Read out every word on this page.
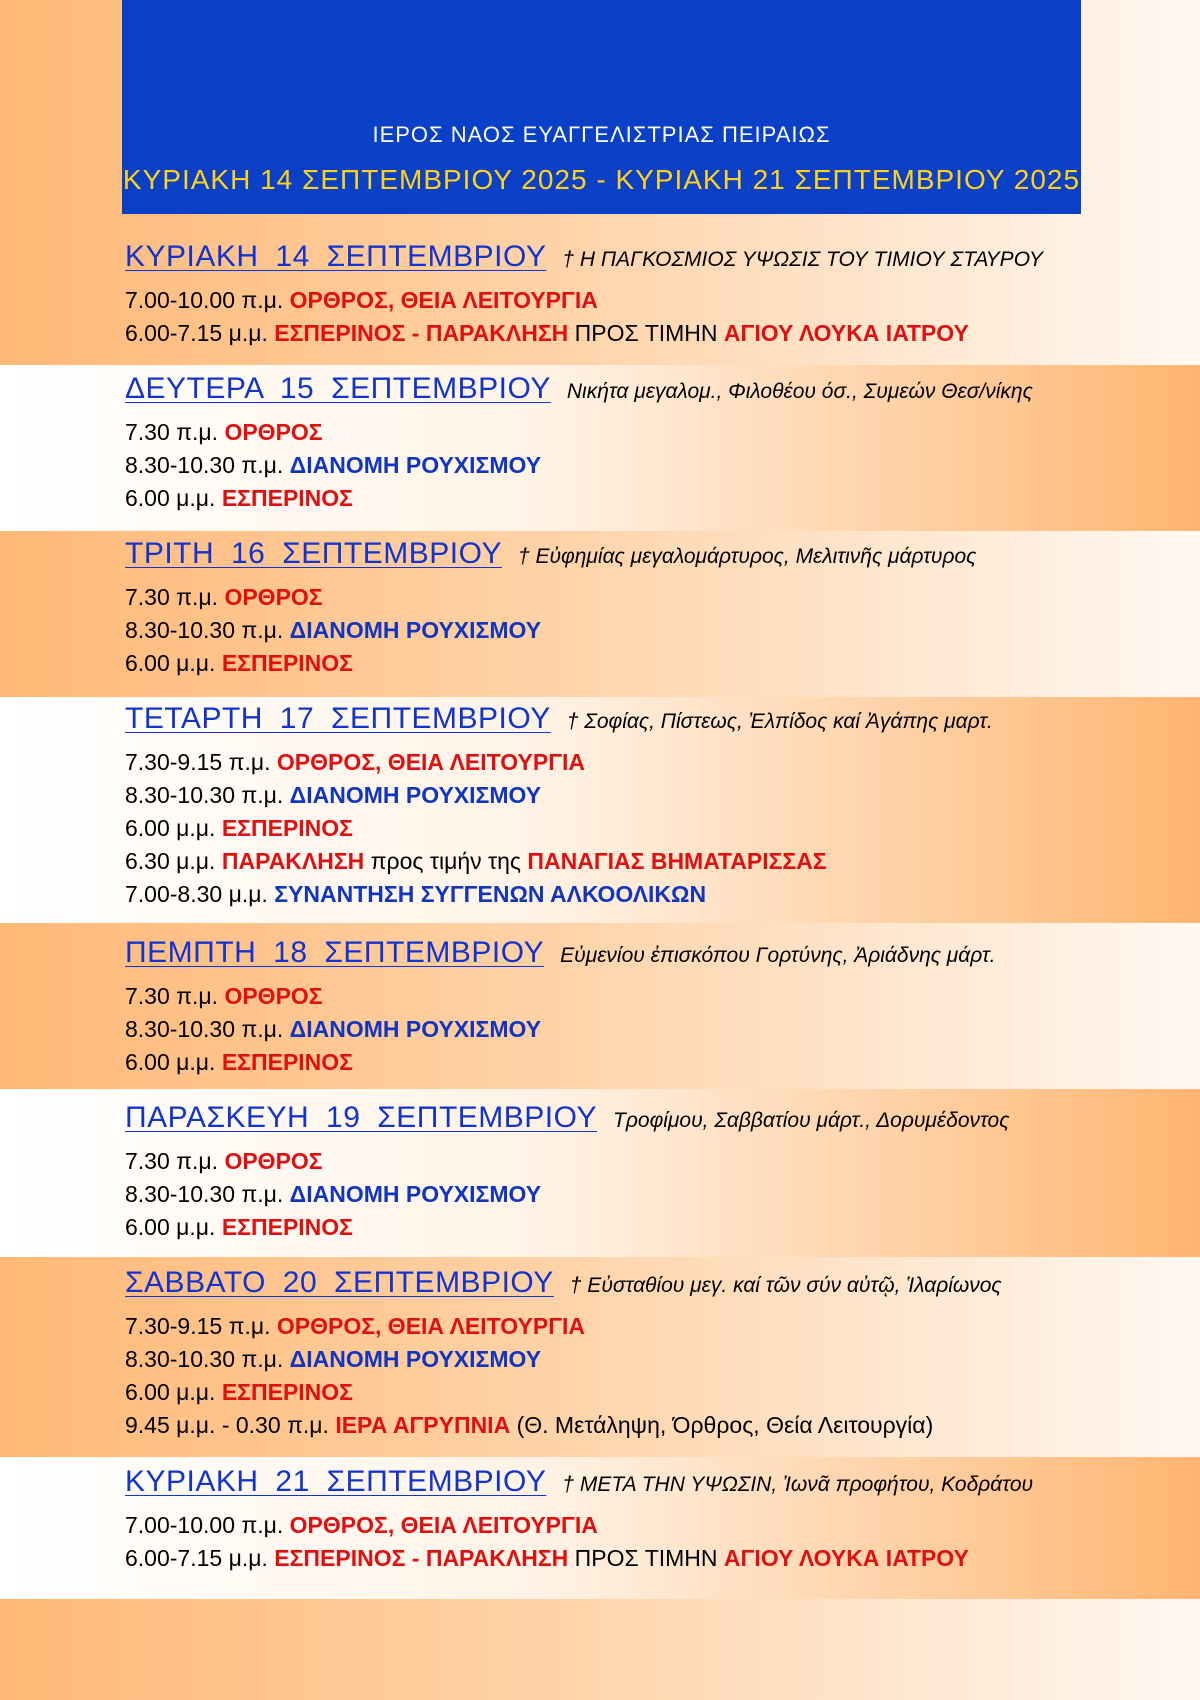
ΙΕΡΟΣ ΝΑΟΣ ΕΥΑΓΓΕΛΙΣΤΡΙΑΣ ΠΕΙΡΑΙΩΣ
ΚΥΡΙΑΚΗ 14 ΣΕΠΤΕΜΒΡΙΟΥ 2025 - ΚΥΡΙΑΚΗ 21 ΣΕΠΤΕΜΒΡΙΟΥ 2025
ΚΥΡΙΑΚΗ 14 ΣΕΠΤΕΜΒΡΙΟΥ † Η ΠΑΓΚΟΣΜΙΟΣ ΥΨΩΣΙΣ ΤΟΥ ΤΙΜΙΟΥ ΣΤΑΥΡΟΥ
7.00-10.00 π.μ. ΟΡΘΡΟΣ, ΘΕΙΑ ΛΕΙΤΟΥΡΓΙΑ
6.00-7.15 μ.μ. ΕΣΠΕΡΙΝΟΣ - ΠΑΡΑΚΛΗΣΗ ΠΡΟΣ ΤΙΜΗΝ ΑΓΙΟΥ ΛΟΥΚΑ ΙΑΤΡΟΥ
ΔΕΥΤΕΡΑ 15 ΣΕΠΤΕΜΒΡΙΟΥ Νικήτα μεγαλομ., Φιλοθέου όσ., Συμεών Θεσ/νίκης
7.30 π.μ. ΟΡΘΡΟΣ
8.30-10.30 π.μ. ΔΙΑΝΟΜΗ ΡΟΥΧΙΣΜΟΥ
6.00 μ.μ. ΕΣΠΕΡΙΝΟΣ
ΤΡΙΤΗ 16 ΣΕΠΤΕΜΒΡΙΟΥ † Εὐφημίας μεγαλομάρτυρος, Μελιτινῆς μάρτυρος
7.30 π.μ. ΟΡΘΡΟΣ
8.30-10.30 π.μ. ΔΙΑΝΟΜΗ ΡΟΥΧΙΣΜΟΥ
6.00 μ.μ. ΕΣΠΕΡΙΝΟΣ
ΤΕΤΑΡΤΗ 17 ΣΕΠΤΕΜΒΡΙΟΥ † Σοφίας, Πίστεως, Ἐλπίδος καί Ἀγάπης μαρτ.
7.30-9.15 π.μ. ΟΡΘΡΟΣ, ΘΕΙΑ ΛΕΙΤΟΥΡΓΙΑ
8.30-10.30 π.μ. ΔΙΑΝΟΜΗ ΡΟΥΧΙΣΜΟΥ
6.00 μ.μ. ΕΣΠΕΡΙΝΟΣ
6.30 μ.μ. ΠΑΡΑΚΛΗΣΗ προς τιμήν της ΠΑΝΑΓΙΑΣ ΒΗΜΑΤΑΡΙΣΣΑΣ
7.00-8.30 μ.μ. ΣΥΝΑΝΤΗΣΗ ΣΥΓΓΕΝΩΝ ΑΛΚΟΟΛΙΚΩΝ
ΠΕΜΠΤΗ 18 ΣΕΠΤΕΜΒΡΙΟΥ Εὐμενίου ἐπισκόπου Γορτύνης, Ἀριάδνης μάρτ.
7.30 π.μ. ΟΡΘΡΟΣ
8.30-10.30 π.μ. ΔΙΑΝΟΜΗ ΡΟΥΧΙΣΜΟΥ
6.00 μ.μ. ΕΣΠΕΡΙΝΟΣ
ΠΑΡΑΣΚΕΥΗ 19 ΣΕΠΤΕΜΒΡΙΟΥ Τροφίμου, Σαββατίου μάρτ., Δορυμέδοντος
7.30 π.μ. ΟΡΘΡΟΣ
8.30-10.30 π.μ. ΔΙΑΝΟΜΗ ΡΟΥΧΙΣΜΟΥ
6.00 μ.μ. ΕΣΠΕΡΙΝΟΣ
ΣΑΒΒΑΤΟ 20 ΣΕΠΤΕΜΒΡΙΟΥ † Εὐσταθίου μεγ. καί τῶν σύν αὐτῷ, Ἱλαρίωνος
7.30-9.15 π.μ. ΟΡΘΡΟΣ, ΘΕΙΑ ΛΕΙΤΟΥΡΓΙΑ
8.30-10.30 π.μ. ΔΙΑΝΟΜΗ ΡΟΥΧΙΣΜΟΥ
6.00 μ.μ. ΕΣΠΕΡΙΝΟΣ
9.45 μ.μ. - 0.30 π.μ. ΙΕΡΑ ΑΓΡΥΠΝΙΑ (Θ. Μετάληψη, Όρθρος, Θεία Λειτουργία)
ΚΥΡΙΑΚΗ 21 ΣΕΠΤΕΜΒΡΙΟΥ † ΜΕΤΑ ΤΗΝ ΥΨΩΣΙΝ, Ἰωνᾶ προφήτου, Κοδράτου
7.00-10.00 π.μ. ΟΡΘΡΟΣ, ΘΕΙΑ ΛΕΙΤΟΥΡΓΙΑ
6.00-7.15 μ.μ. ΕΣΠΕΡΙΝΟΣ - ΠΑΡΑΚΛΗΣΗ ΠΡΟΣ ΤΙΜΗΝ ΑΓΙΟΥ ΛΟΥΚΑ ΙΑΤΡΟΥ
